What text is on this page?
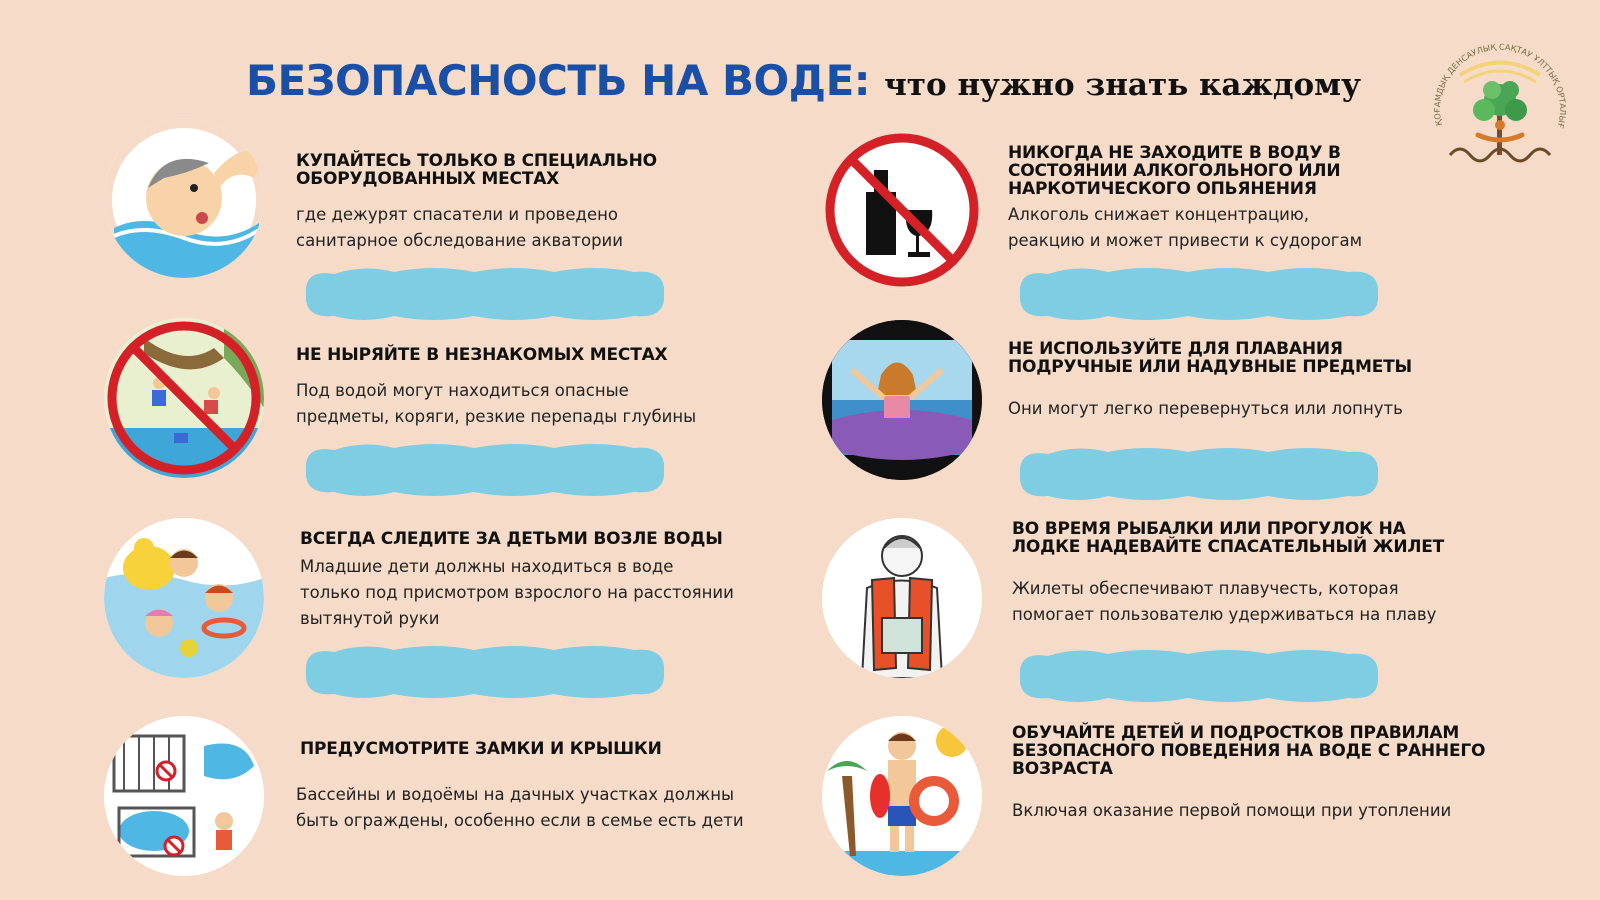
БЕЗОПАСНОСТЬ НА ВОДЕ: что нужно знать каждому
ҚОҒАМДЫҚ ДЕНСАУЛЫҚ САҚТАУ ҰЛТТЫҚ ОРТАЛЫҒ
КУПАЙТЕСЬ ТОЛЬКО В СПЕЦИАЛЬНО
ОБОРУДОВАННЫХ МЕСТАХ
где дежурят спасатели и проведено
санитарное обследование акватории
НЕ НЫРЯЙТЕ В НЕЗНАКОМЫХ МЕСТАХ
Под водой могут находиться опасные
предметы, коряги, резкие перепады глубины
ВСЕГДА СЛЕДИТЕ ЗА ДЕТЬМИ ВОЗЛЕ ВОДЫ
Младшие дети должны находиться в воде
только под присмотром взрослого на расстоянии
вытянутой руки
ПРЕДУСМОТРИТЕ ЗАМКИ И КРЫШКИ
Бассейны и водоёмы на дачных участках должны
быть ограждены, особенно если в семье есть дети
НИКОГДА НЕ ЗАХОДИТЕ В ВОДУ В
СОСТОЯНИИ АЛКОГОЛЬНОГО ИЛИ
НАРКОТИЧЕСКОГО ОПЬЯНЕНИЯ
Алкоголь снижает концентрацию,
реакцию и может привести к судорогам
НЕ ИСПОЛЬЗУЙТЕ ДЛЯ ПЛАВАНИЯ
ПОДРУЧНЫЕ ИЛИ НАДУВНЫЕ ПРЕДМЕТЫ
Они могут легко перевернуться или лопнуть
ВО ВРЕМЯ РЫБАЛКИ ИЛИ ПРОГУЛОК НА
ЛОДКЕ НАДЕВАЙТЕ СПАСАТЕЛЬНЫЙ ЖИЛЕТ
Жилеты обеспечивают плавучесть, которая
помогает пользователю удерживаться на плаву
ОБУЧАЙТЕ ДЕТЕЙ И ПОДРОСТКОВ ПРАВИЛАМ
БЕЗОПАСНОГО ПОВЕДЕНИЯ НА ВОДЕ С РАННЕГО
ВОЗРАСТА
Включая оказание первой помощи при утоплении
